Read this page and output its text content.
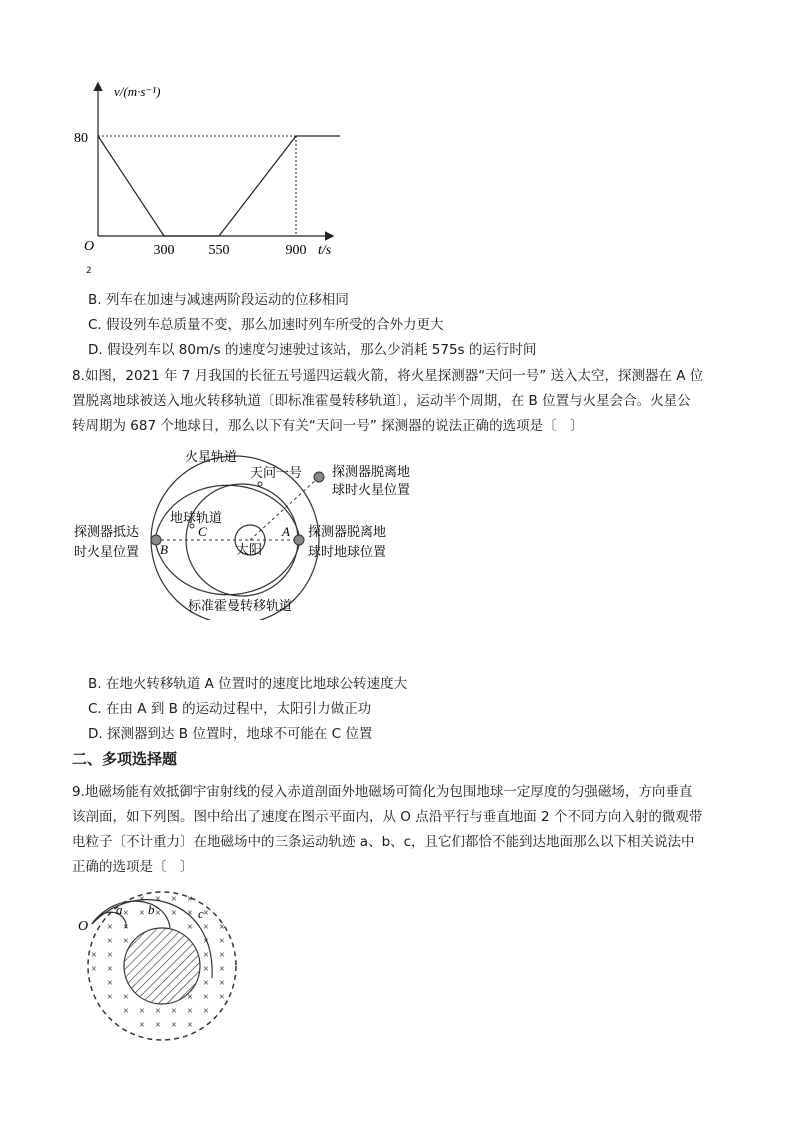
v/(m·s⁻¹)
80
O	300 550	900 t/s
2
B. 列车在加速与减速两阶段运动的位移相同
C. 假设列车总质量不变，那么加速时列车所受的合外力更大
D. 假设列车以 80m/s 的速度匀速驶过该站，那么少消耗 575s 的运行时间
8.如图，2021 年 7 月我国的长征五号遥四运载火箭，将火星探测器“天问一号” 送入太空，探测器在 A 位
置脱离地球被送入地火转移轨道〔即标准霍曼转移轨道〕，运动半个周期，在 B 位置与火星会合。火星公
转周期为 687 个地球日，那么以下有关“天问一号” 探测器的说法正确的选项是〔　〕
火星轨道
天问一号 探测器脱离地
球时火星位置
地球轨道
C
探测器抵达
时火星位置 B	太阳
A 探测器脱离地
球时地球位置
标准霍曼转移轨道
B. 在地火转移轨道 A 位置时的速度比地球公转速度大
C. 在由 A 到 B 的运动过程中，太阳引力做正功
D. 探测器到达 B 位置时，地球不可能在 C 位置
二、多项选择题
9.地磁场能有效抵御宇宙射线的侵入赤道剖面外地磁场可简化为包围地球一定厚度的匀强磁场，方向垂直
该剖面，如下列图。图中给出了速度在图示平面内，从 O 点沿平行与垂直地面 2 个不同方向入射的微观带
电粒子〔不计重力〕在地磁场中的三条运动轨迹 a、b、c，且它们都恰不能到达地面那么以下相关说法中
正确的选项是〔　〕
O
a b	c
× × × ×
× × × × × ×
× ×	× × ×
× ×	× ×
× ×	× ×
× ×	× ×
×	× ×
× ×	× × ×
× × × × × ×
× × × ×
